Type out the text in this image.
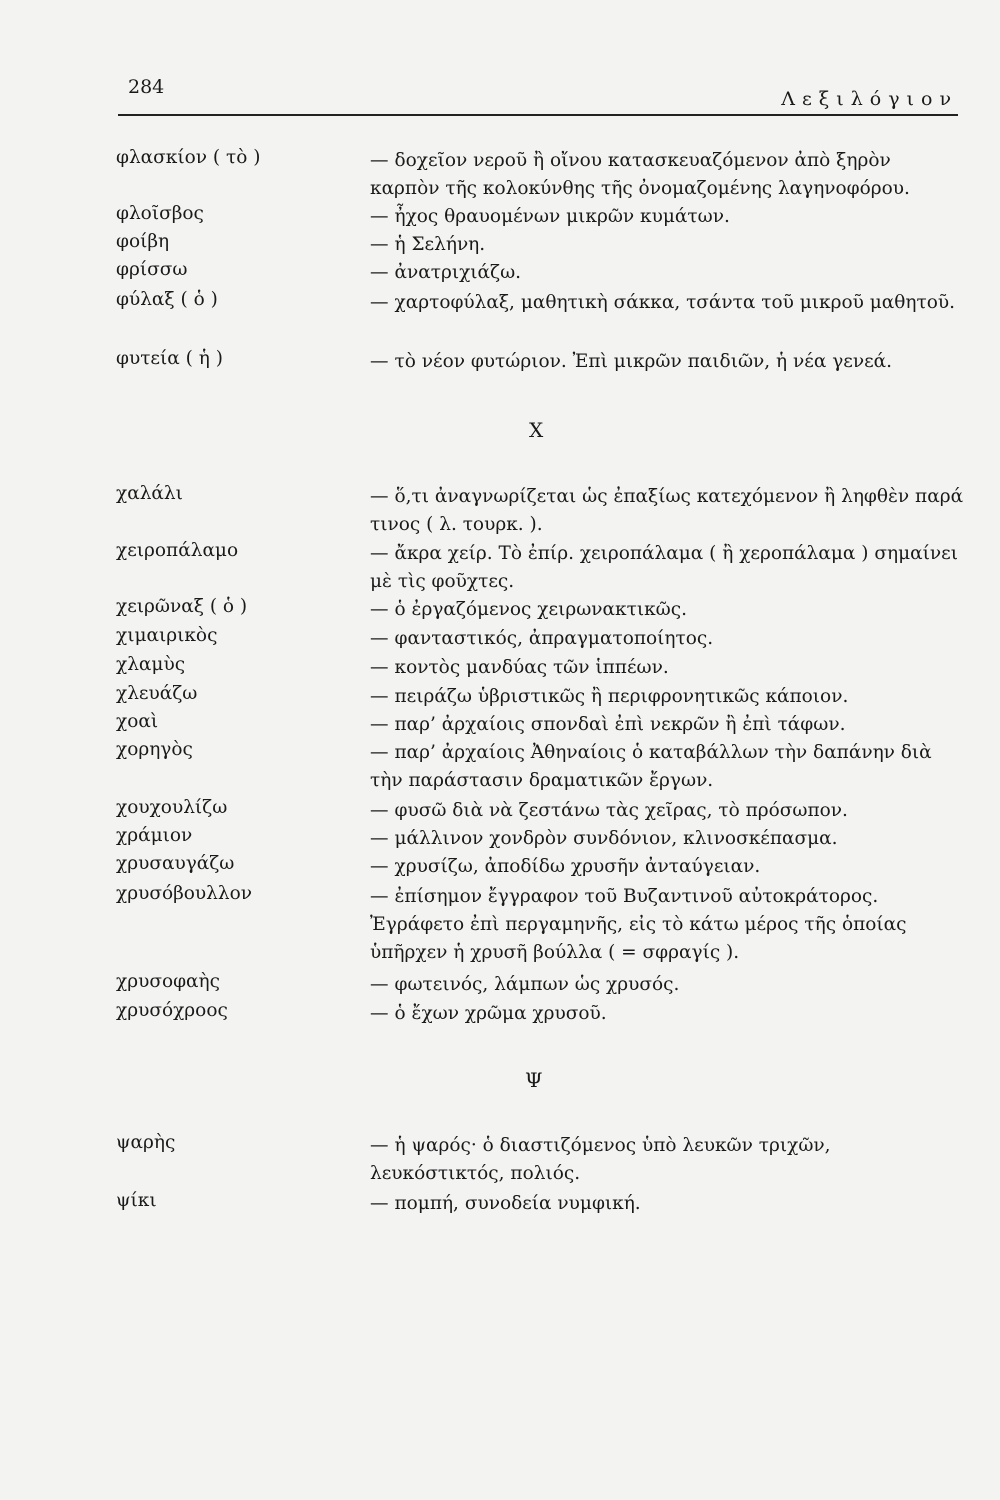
284
Λεξιλόγιον
φλασκίον ( τὸ )	— δοχεῖον νεροῦ ἢ οἴνου κατασκευαζόμενον ἀπὸ ξηρὸν καρπὸν τῆς κολοκύνθης τῆς ὀνομαζομένης λαγηνοφόρου.
φλοῖσβος	— ἦχος θραυομένων μικρῶν κυμάτων.
φοίβη	— ἡ Σελήνη.
φρίσσω	— ἀνατριχιάζω.
φύλαξ ( ὁ )	— χαρτοφύλαξ, μαθητικὴ σάκκα, τσάντα τοῦ μικροῦ μαθητοῦ.
φυτεία ( ἡ )	— τὸ νέον φυτώριον. Ἐπὶ μικρῶν παιδιῶν, ἡ νέα γενεά.
Χ
χαλάλι	— ὅ,τι ἀναγνωρίζεται ὡς ἐπαξίως κατεχόμενον ἢ ληφθὲν παρά τινος ( λ. τουρκ. ).
χειροπάλαμο	— ἄκρα χείρ. Τὸ ἐπίρ. χειροπάλαμα ( ἢ χεροπάλαμα ) σημαίνει μὲ τὶς φοῦχτες.
χειρῶναξ ( ὁ )	— ὁ ἐργαζόμενος χειρωνακτικῶς.
χιμαιρικὸς	— φανταστικός, ἀπραγματοποίητος.
χλαμὺς	— κοντὸς μανδύας τῶν ἱππέων.
χλευάζω	— πειράζω ὑβριστικῶς ἢ περιφρονητικῶς κάποιον.
χοαὶ	— παρ’ ἀρχαίοις σπονδαὶ ἐπὶ νεκρῶν ἢ ἐπὶ τάφων.
χορηγὸς	— παρ’ ἀρχαίοις Ἀθηναίοις ὁ καταβάλλων τὴν δαπάνην διὰ τὴν παράστασιν δραματικῶν ἔργων.
χουχουλίζω	— φυσῶ διὰ νὰ ζεστάνω τὰς χεῖρας, τὸ πρόσωπον.
χράμιον	— μάλλινον χονδρὸν συνδόνιον, κλινοσκέπασμα.
χρυσαυγάζω	— χρυσίζω, ἀποδίδω χρυσῆν ἀνταύγειαν.
χρυσόβουλλον	— ἐπίσημον ἔγγραφον τοῦ Βυζαντινοῦ αὐτοκράτορος. Ἐγράφετο ἐπὶ περγαμηνῆς, εἰς τὸ κάτω μέρος τῆς ὁποίας ὑπῆρχεν ἡ χρυσῆ βούλλα ( = σφραγίς ).
χρυσοφαὴς	— φωτεινός, λάμπων ὡς χρυσός.
χρυσόχροος	— ὁ ἔχων χρῶμα χρυσοῦ.
Ψ
ψαρὴς	— ἡ ψαρός· ὁ διαστιζόμενος ὑπὸ λευκῶν τριχῶν, λευκόστικτός, πολιός.
ψίκι	— πομπή, συνοδεία νυμφική.
